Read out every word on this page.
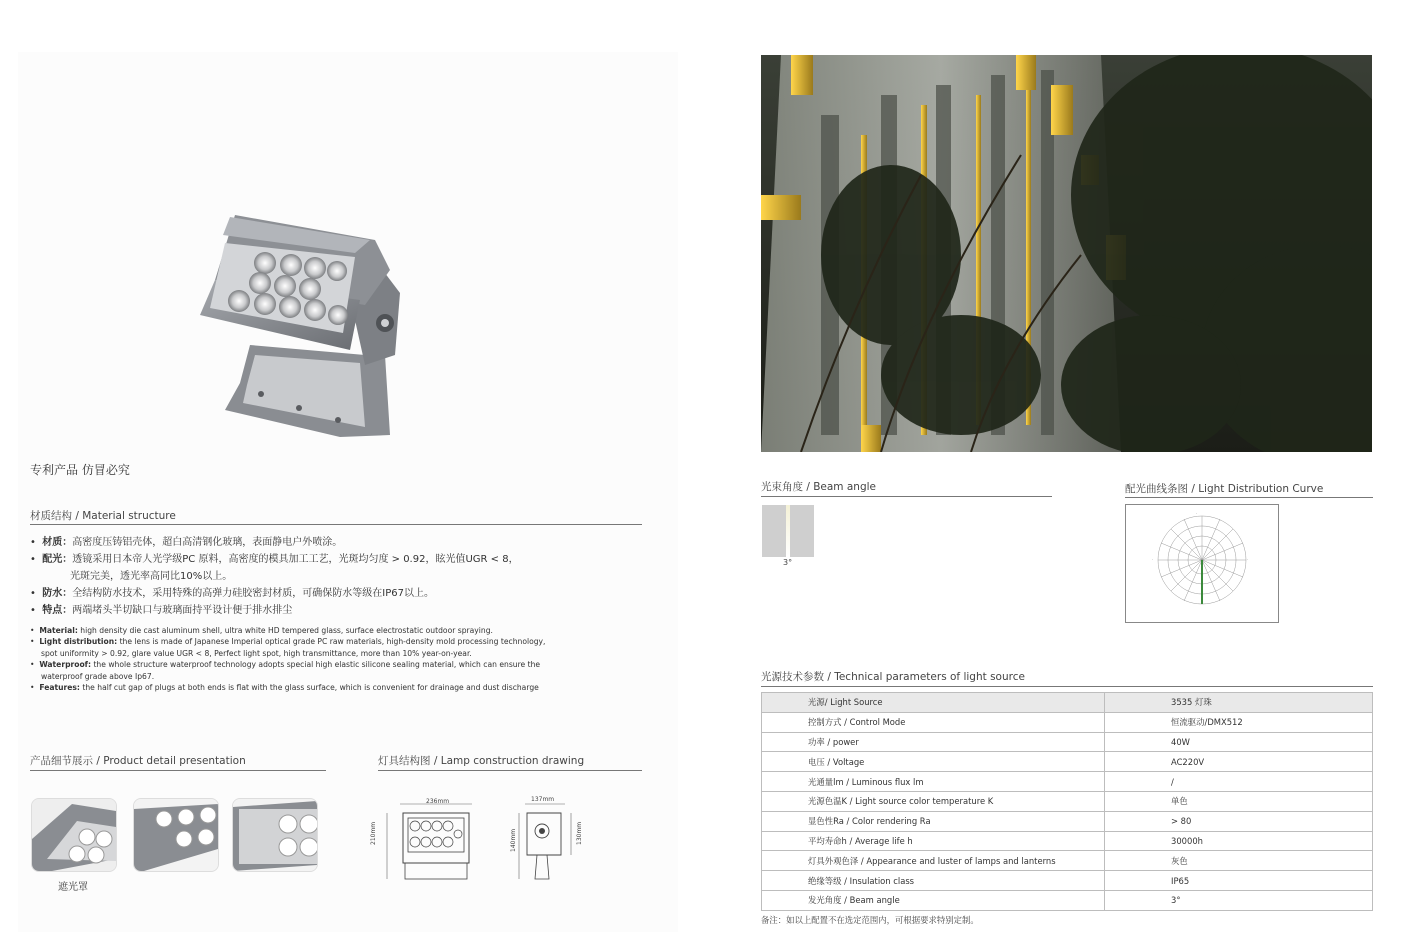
专利产品 仿冒必究
材质结构 / Material structure
•  材质：高密度压铸铝壳体，超白高清钢化玻璃，表面静电户外喷涂。
•  配光：透镜采用日本帝人光学级PC 原料，高密度的模具加工工艺，光斑均匀度 > 0.92，眩光值UGR < 8，
光斑完美，透光率高同比10%以上。
•  防水：全结构防水技术，采用特殊的高弹力硅胶密封材质，可确保防水等级在IP67以上。
•  特点：两端堵头半切缺口与玻璃面持平设计便于排水排尘
•  Material: high density die cast aluminum shell, ultra white HD tempered glass, surface electrostatic outdoor spraying.
•  Light distribution: the lens is made of Japanese Imperial optical grade PC raw materials, high-density mold processing technology, spot uniformity > 0.92, glare value UGR < 8, Perfect light spot, high transmittance, more than 10% year-on-year.
•  Waterproof: the whole structure waterproof technology adopts special high elastic silicone sealing material, which can ensure the waterproof grade above Ip67.
•  Features: the half cut gap of plugs at both ends is flat with the glass surface, which is convenient for drainage and dust discharge
产品细节展示 / Product detail presentation
遮光罩
灯具结构图 / Lamp construction drawing
236mm
210mm
137mm
140mm	130mm
光束角度 / Beam angle
3°
配光曲线条图 / Light Distribution Curve
·
·	·
光源技术参数 / Technical parameters of light source
光源/ Light Source	3535 灯珠
控制方式 / Control Mode	恒流驱动/DMX512
功率 / power	40W
电压 / Voltage	AC220V
光通量lm / Luminous flux lm	/
光源色温K / Light source color temperature K	单色
显色性Ra / Color rendering Ra	> 80
平均寿命h / Average life h	30000h
灯具外观色泽 / Appearance and luster of lamps and lanterns	灰色
绝缘等级 / Insulation class	IP65
发光角度 / Beam angle	3°
备注：如以上配置不在选定范围内，可根据要求特别定制。
